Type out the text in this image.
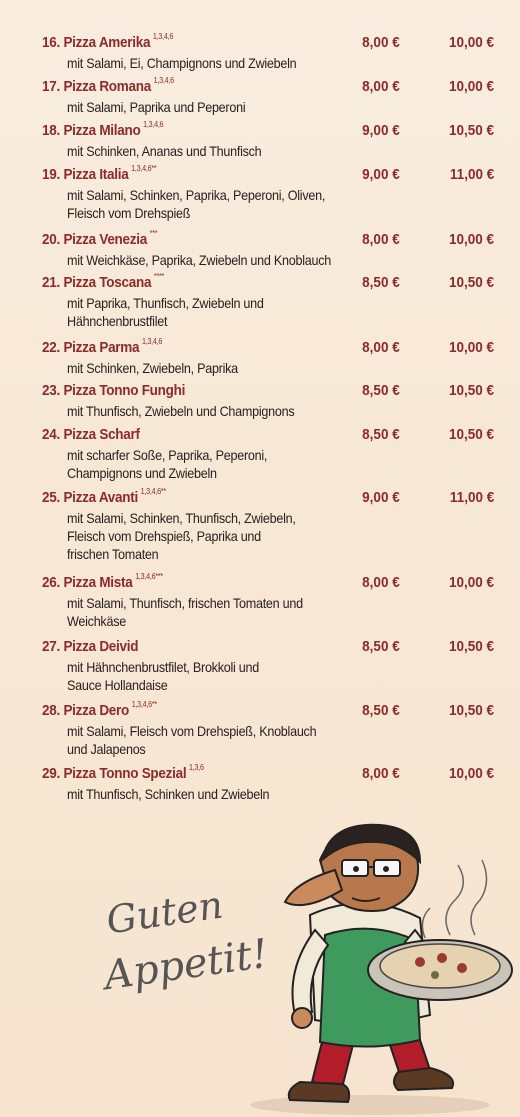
16. Pizza Amerika $^{1,3,4,6}$	8,00 €	10,00 €
mit Salami, Ei, Champignons und Zwiebeln
17. Pizza Romana $^{1,3,4,6}$	8,00 €	10,00 €
mit Salami, Paprika und Peperoni
18. Pizza Milano $^{1,3,4,6}$	9,00 €	10,50 €
mit Schinken, Ananas und Thunfisch
19. Pizza Italia $^{1,3,4,6**}$	9,00 €	11,00 €
mit Salami, Schinken, Paprika, Peperoni, Oliven,
Fleisch vom Drehspieß
20. Pizza Venezia ***	8,00 €	10,00 €
mit Weichkäse, Paprika, Zwiebeln und Knoblauch
21. Pizza Toscana ****	8,50 €	10,50 €
mit Paprika, Thunfisch, Zwiebeln und
Hähnchenbrustfilet
22. Pizza Parma $^{1,3,4,6}$	8,00 €	10,00 €
mit Schinken, Zwiebeln, Paprika
23. Pizza Tonno Funghi	8,50 €	10,50 €
mit Thunfisch, Zwiebeln und Champignons
24. Pizza Scharf	8,50 €	10,50 €
mit scharfer Soße, Paprika, Peperoni,
Champignons und Zwiebeln
25. Pizza Avanti $^{1,3,4,6**}$	9,00 €	11,00 €
mit Salami, Schinken, Thunfisch, Zwiebeln,
Fleisch vom Drehspieß, Paprika und
frischen Tomaten
26. Pizza Mista $^{1,3,4,6***}$	8,00 €	10,00 €
mit Salami, Thunfisch, frischen Tomaten und
Weichkäse
27. Pizza Deivid	8,50 €	10,50 €
mit Hähnchenbrustfilet, Brokkoli und
Sauce Hollandaise
28. Pizza Dero $^{1,3,4,6**}$	8,50 €	10,50 €
mit Salami, Fleisch vom Drehspieß, Knoblauch
und Jalapenos
29. Pizza Tonno Spezial $^{1,3,6}$	8,00 €	10,00 €
mit Thunfisch, Schinken und Zwiebeln
Guten
Appetit!
